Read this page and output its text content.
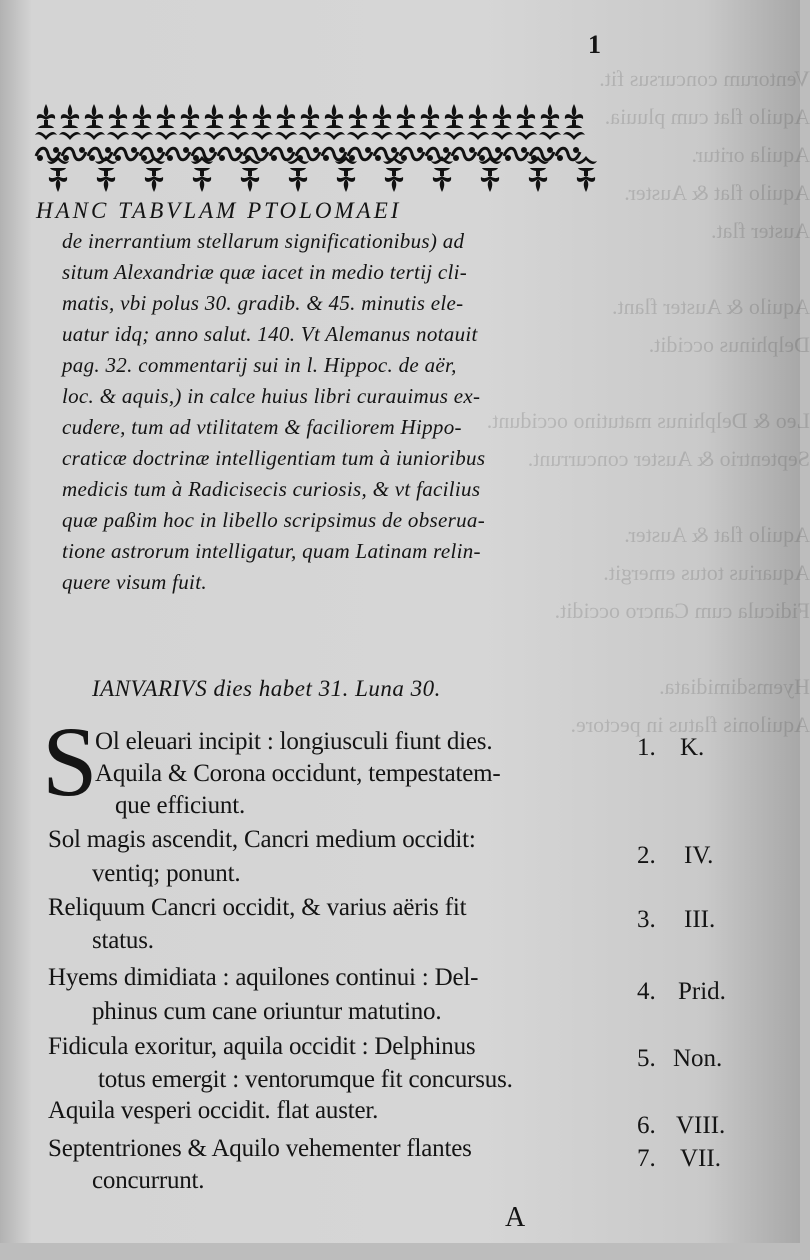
Ventorum concursus fit.
Aquilo flat cum pluuia.
Aquila oritur.
Aquilo flat & Auster.
Auster flat.

Aquilo & Auster flant.
Delphinus occidit.

Leo & Delphinus matutino occidunt.
Septentrio & Auster concurrunt.

Aquilo flat & Auster.
Aquarius totus emergit.
Fidicula cum Cancro occidit.

Hyemsdimidiata.
Aquilonis flatus in pectore.
1
HANC TABVLAM PTOLOMAEI
de inerrantium stellarum significationibus) ad
situm Alexandriæ quæ iacet in medio tertij cli-
matis, vbi polus 30. gradib. & 45. minutis ele-
uatur idq; anno salut. 140. Vt Alemanus notauit
pag. 32. commentarij sui in l. Hippoc. de aër,
loc. & aquis,) in calce huius libri curauimus ex-
cudere, tum ad vtilitatem & faciliorem Hippo-
craticæ doctrinæ intelligentiam tum à iunioribus
medicis tum à Radicisecis curiosis, & vt facilius
quæ paßim hoc in libello scripsimus de obserua-
tione astrorum intelligatur, quam Latinam relin-
quere visum fuit.
IANVARIVS dies habet 31. Luna 30.
S
Ol eleuari incipit : longiusculi fiunt dies.
Aquila & Corona occidunt, tempestatem-
que efficiunt.
1. K.
Sol magis ascendit, Cancri medium occidit:
ventiq; ponunt.
2. IV.
Reliquum Cancri occidit, & varius aëris fit
status.
3. III.
Hyems dimidiata : aquilones continui : Del-
phinus cum cane oriuntur matutino.
4. Prid.
Fidicula exoritur, aquila occidit : Delphinus
totus emergit : ventorumque fit concursus.
5. Non.
Aquila vesperi occidit. flat auster.
6. VIII.
Septentriones & Aquilo vehementer flantes
concurrunt.
7. VII.
A
